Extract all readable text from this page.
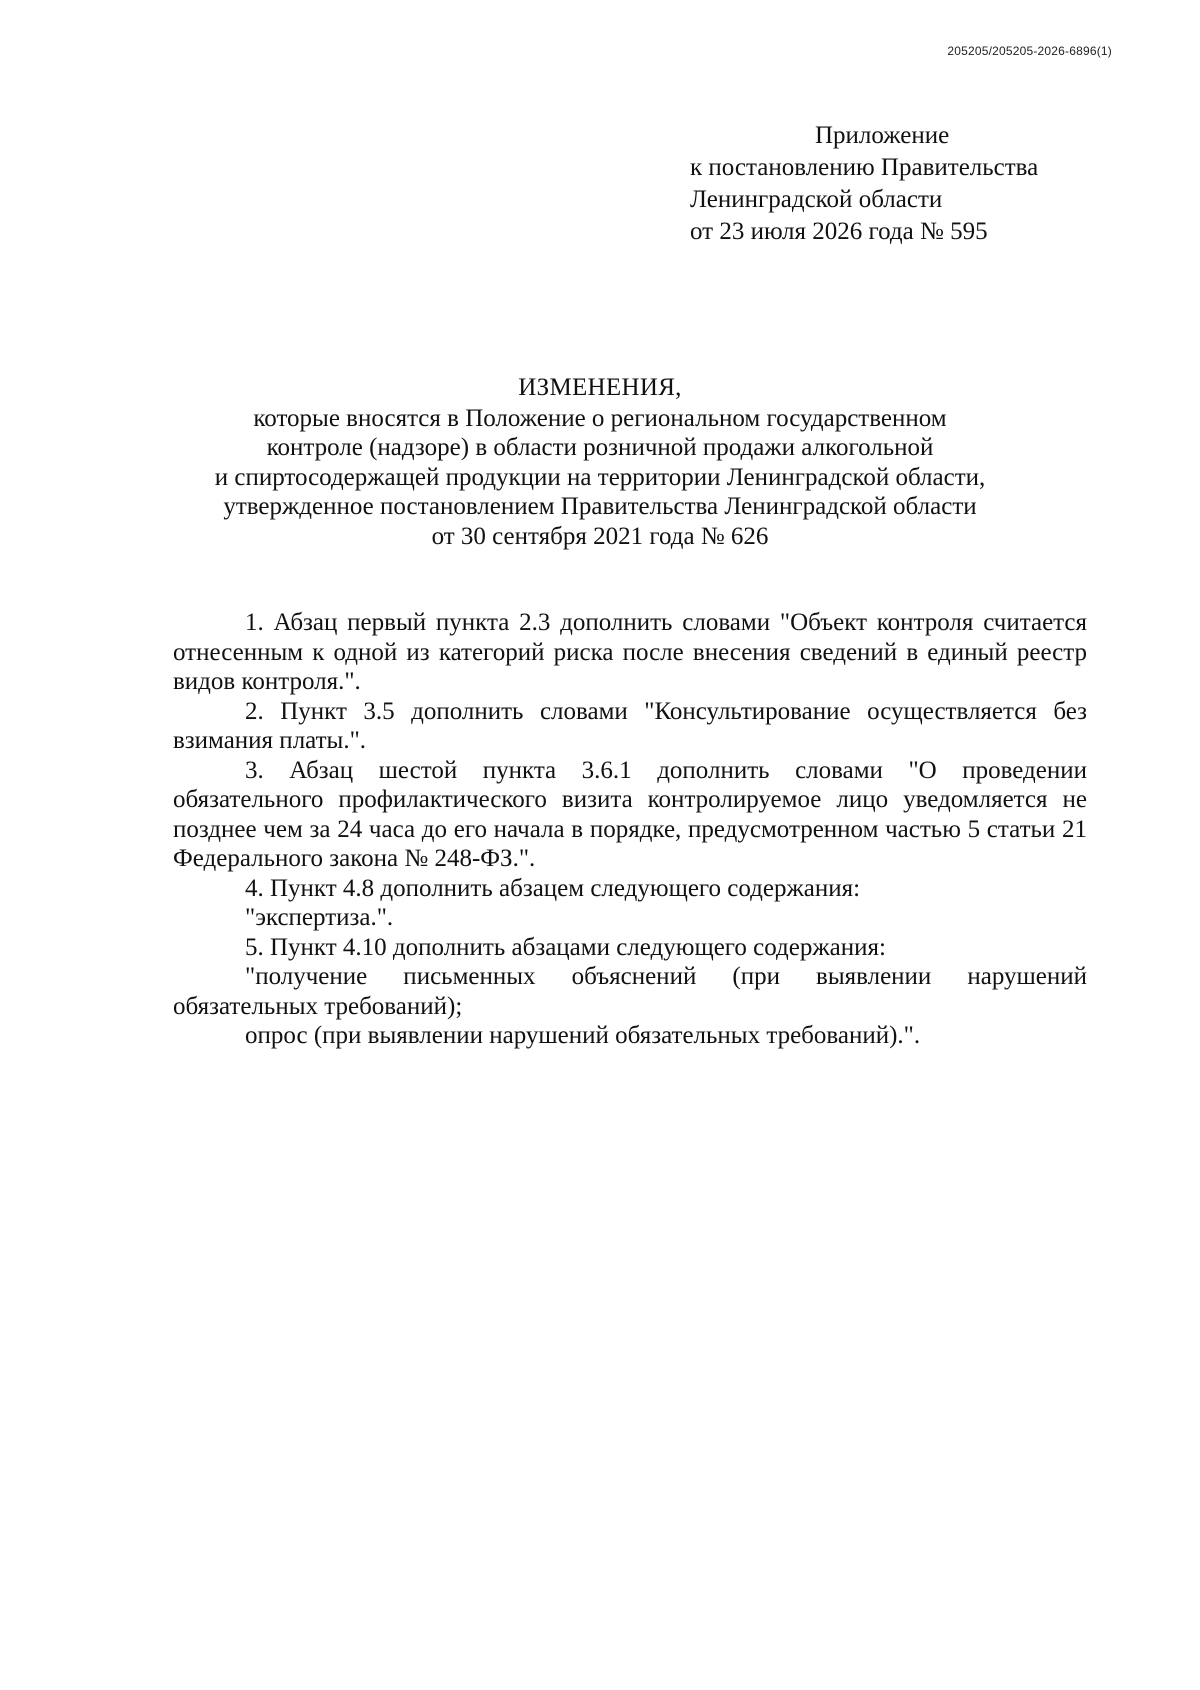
205205/205205-2026-6896(1)
Приложение
к постановлению Правительства
Ленинградской области
от 23 июля 2026 года № 595
ИЗМЕНЕНИЯ,
которые вносятся в Положение о региональном государственном
контроле (надзоре) в области розничной продажи алкогольной
и спиртосодержащей продукции на территории Ленинградской области,
утвержденное постановлением Правительства Ленинградской области
от 30 сентября 2021 года № 626

1. Абзац первый пункта 2.3 дополнить словами "Объект контроля считается отнесенным к одной из категорий риска после внесения сведений в единый реестр видов контроля.".

2. Пункт 3.5 дополнить словами "Консультирование осуществляется без взимания платы.".

3. Абзац шестой пункта 3.6.1 дополнить словами "О проведении обязательного профилактического визита контролируемое лицо уведомляется не позднее чем за 24 часа до его начала в порядке, предусмотренном частью 5 статьи 21 Федерального закона № 248-ФЗ.".

4. Пункт 4.8 дополнить абзацем следующего содержания:

"экспертиза.".

5. Пункт 4.10 дополнить абзацами следующего содержания:

"получение письменных объяснений (при выявлении нарушений обязательных требований);

опрос (при выявлении нарушений обязательных требований).".
